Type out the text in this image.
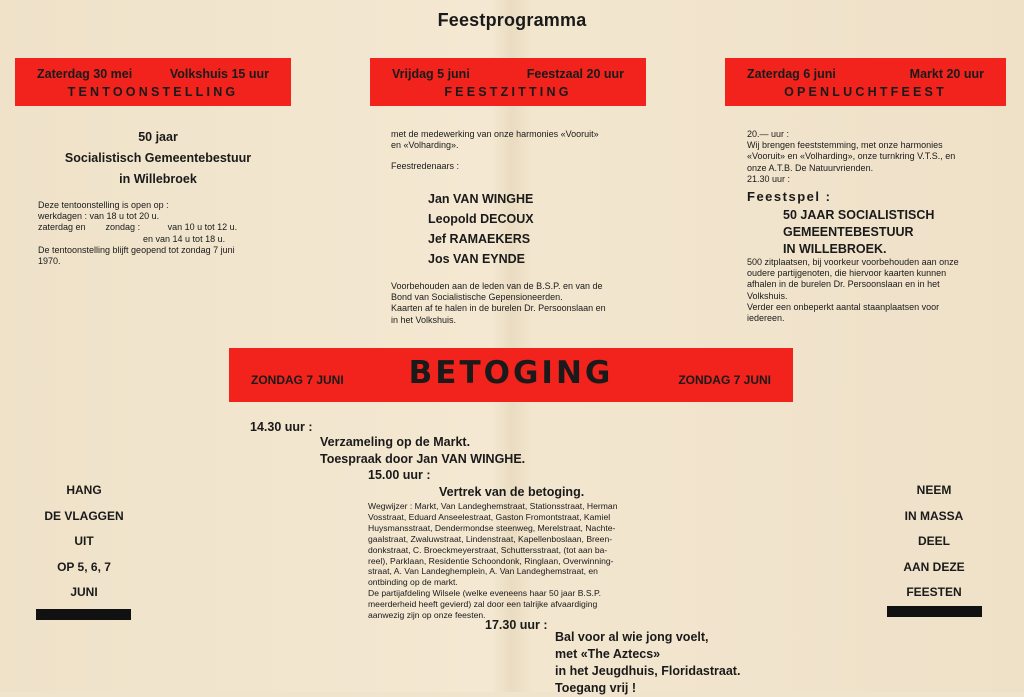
Feestprogramma
Zaterdag 30 mei	Volkshuis 15 uur
TENTOONSTELLING
50 jaar
Socialistisch Gemeentebestuur
in Willebroek
Deze tentoonstelling is open op :
werkdagen : van 18 u tot 20 u.
zaterdag en        zondag :           van 10 u tot 12 u.
en van 14 u tot 18 u.
De tentoonstelling blijft geopend tot zondag 7 juni
1970.
Vrijdag 5 juni	Feestzaal 20 uur
FEESTZITTING
met de medewerking van onze harmonies «Vooruit»
en «Volharding».
Feestredenaars :
Jan VAN WINGHE
Leopold DECOUX
Jef RAMAEKERS
Jos VAN EYNDE
Voorbehouden aan de leden van de B.S.P. en van de
Bond van Socialistische Gepensioneerden.
Kaarten af te halen in de burelen Dr. Persoonslaan en
in het Volkshuis.
Zaterdag 6 juni	Markt 20 uur
OPENLUCHTFEEST
20.— uur :
Wij brengen feeststemming, met onze harmonies
«Vooruit» en «Volharding», onze turnkring V.T.S., en
onze A.T.B. De Natuurvrienden.
21.30 uur :
Feestspel :
50 JAAR SOCIALISTISCH
GEMEENTEBESTUUR
IN WILLEBROEK.
500 zitplaatsen, bij voorkeur voorbehouden aan onze
oudere partijgenoten, die hiervoor kaarten kunnen
afhalen in de burelen Dr. Persoonslaan en in het
Volkshuis.
Verder een onbeperkt aantal staanplaatsen voor
iedereen.
ZONDAG 7 JUNI	BETOGING	ZONDAG 7 JUNI
14.30 uur :
Verzameling op de Markt.
Toespraak door Jan VAN WINGHE.
15.00 uur :
Vertrek van de betoging.
Wegwijzer : Markt, Van Landeghemstraat, Stationsstraat, Herman
Vosstraat, Eduard Anseelestraat, Gaston Fromontstraat, Kamiel
Huysmansstraat, Dendermondse steenweg, Merelstraat, Nachte-
gaalstraat, Zwaluwstraat, Lindenstraat, Kapellenboslaan, Breen-
donkstraat, C. Broeckmeyerstraat, Schuttersstraat, (tot aan ba-
reel), Parklaan, Residentie Schoondonk, Ringlaan, Overwinning-
straat, A. Van Landeghemplein, A. Van Landeghemstraat, en
ontbinding op de markt.
De partijafdeling Wilsele (welke eveneens haar 50 jaar B.S.P.
meerderheid heeft gevierd) zal door een talrijke afvaardiging
aanwezig zijn op onze feesten.
17.30 uur :
Bal voor al wie jong voelt,
met «The Aztecs»
in het Jeugdhuis, Floridastraat.
Toegang vrij !
HANG
DE VLAGGEN
UIT
OP 5, 6, 7
JUNI
NEEM
IN MASSA
DEEL
AAN DEZE
FEESTEN
